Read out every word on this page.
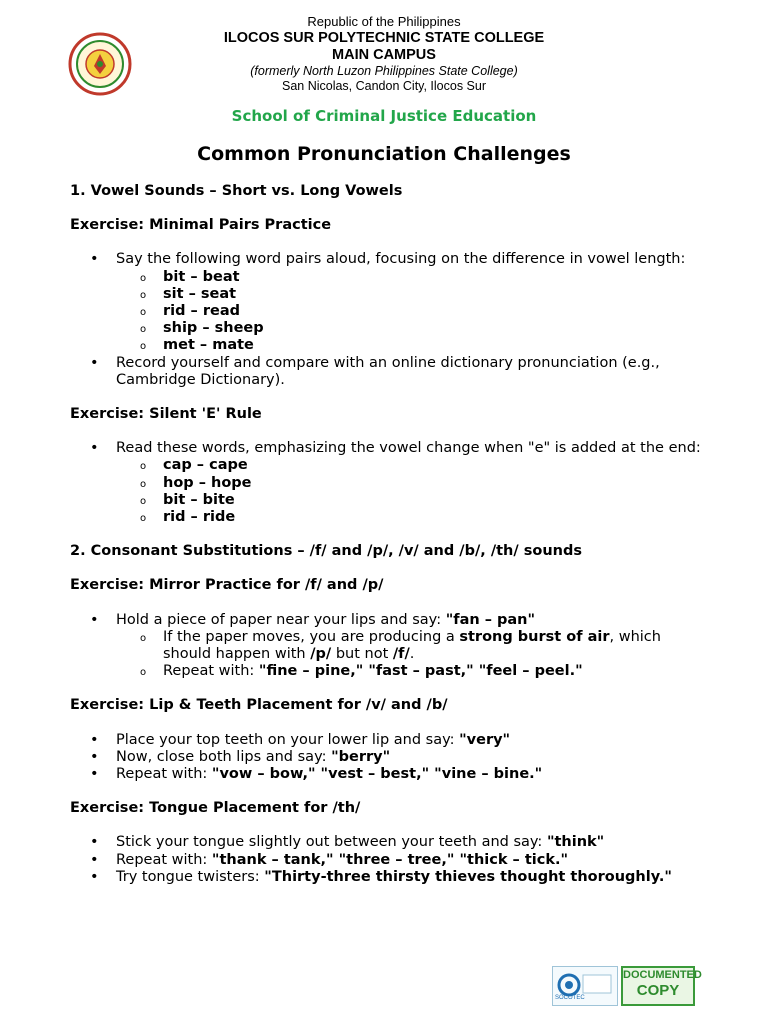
Republic of the Philippines
ILOCOS SUR POLYTECHNIC STATE COLLEGE
MAIN CAMPUS
(formerly North Luzon Philippines State College)
San Nicolas, Candon City, Ilocos Sur
School of Criminal Justice Education
Common Pronunciation Challenges
1. Vowel Sounds – Short vs. Long Vowels
Exercise: Minimal Pairs Practice
• Say the following word pairs aloud, focusing on the difference in vowel length:
o bit – beat
o sit – seat
o rid – read
o ship – sheep
o met – mate
• Record yourself and compare with an online dictionary pronunciation (e.g., Cambridge Dictionary).
Exercise: Silent 'E' Rule
• Read these words, emphasizing the vowel change when "e" is added at the end:
o cap – cape
o hop – hope
o bit – bite
o rid – ride
2. Consonant Substitutions – /f/ and /p/, /v/ and /b/, /th/ sounds
Exercise: Mirror Practice for /f/ and /p/
• Hold a piece of paper near your lips and say: "fan – pan"
o If the paper moves, you are producing a strong burst of air, which should happen with /p/ but not /f/.
o Repeat with: "fine – pine," "fast – past," "feel – peel."
Exercise: Lip & Teeth Placement for /v/ and /b/
• Place your top teeth on your lower lip and say: "very"
• Now, close both lips and say: "berry"
• Repeat with: "vow – bow," "vest – best," "vine – bine."
Exercise: Tongue Placement for /th/
• Stick your tongue slightly out between your teeth and say: "think"
• Repeat with: "thank – tank," "three – tree," "thick – tick."
• Try tongue twisters: "Thirty-three thirsty thieves thought thoroughly."
SOCOTEC
DOCUMENTED
COPY
